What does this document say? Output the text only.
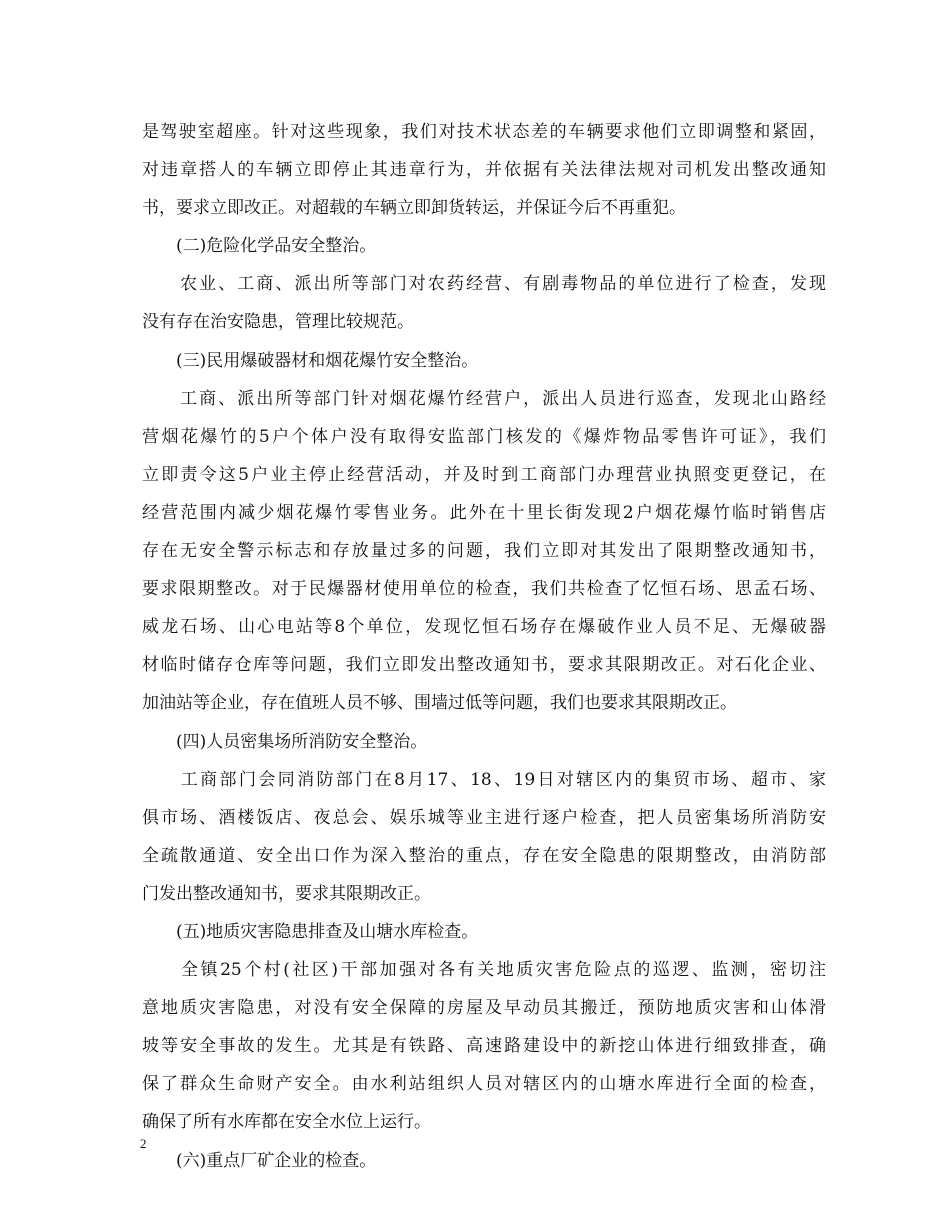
是驾驶室超座。针对这些现象，我们对技术状态差的车辆要求他们立即调整和紧固，
对违章搭人的车辆立即停止其违章行为，并依据有关法律法规对司机发出整改通知
书，要求立即改正。对超载的车辆立即卸货转运，并保证今后不再重犯。
　　(二)危险化学品安全整治。
　　农业、工商、派出所等部门对农药经营、有剧毒物品的单位进行了检查，发现
没有存在治安隐患，管理比较规范。
　　(三)民用爆破器材和烟花爆竹安全整治。
　　工商、派出所等部门针对烟花爆竹经营户，派出人员进行巡查，发现北山路经
营烟花爆竹的5户个体户没有取得安监部门核发的《爆炸物品零售许可证》，我们
立即责令这5户业主停止经营活动，并及时到工商部门办理营业执照变更登记，在
经营范围内减少烟花爆竹零售业务。此外在十里长街发现2户烟花爆竹临时销售店
存在无安全警示标志和存放量过多的问题，我们立即对其发出了限期整改通知书，
要求限期整改。对于民爆器材使用单位的检查，我们共检查了忆恒石场、思孟石场、
威龙石场、山心电站等8个单位，发现忆恒石场存在爆破作业人员不足、无爆破器
材临时储存仓库等问题，我们立即发出整改通知书，要求其限期改正。对石化企业、
加油站等企业，存在值班人员不够、围墙过低等问题，我们也要求其限期改正。
　　(四)人员密集场所消防安全整治。
　　工商部门会同消防部门在8月17、18、19日对辖区内的集贸市场、超市、家
俱市场、酒楼饭店、夜总会、娱乐城等业主进行逐户检查，把人员密集场所消防安
全疏散通道、安全出口作为深入整治的重点，存在安全隐患的限期整改，由消防部
门发出整改通知书，要求其限期改正。
　　(五)地质灾害隐患排查及山塘水库检查。
　　全镇25个村(社区)干部加强对各有关地质灾害危险点的巡逻、监测，密切注
意地质灾害隐患，对没有安全保障的房屋及早动员其搬迁，预防地质灾害和山体滑
坡等安全事故的发生。尤其是有铁路、高速路建设中的新挖山体进行细致排查，确
保了群众生命财产安全。由水利站组织人员对辖区内的山塘水库进行全面的检查，
确保了所有水库都在安全水位上运行。
　　(六)重点厂矿企业的检查。
2
